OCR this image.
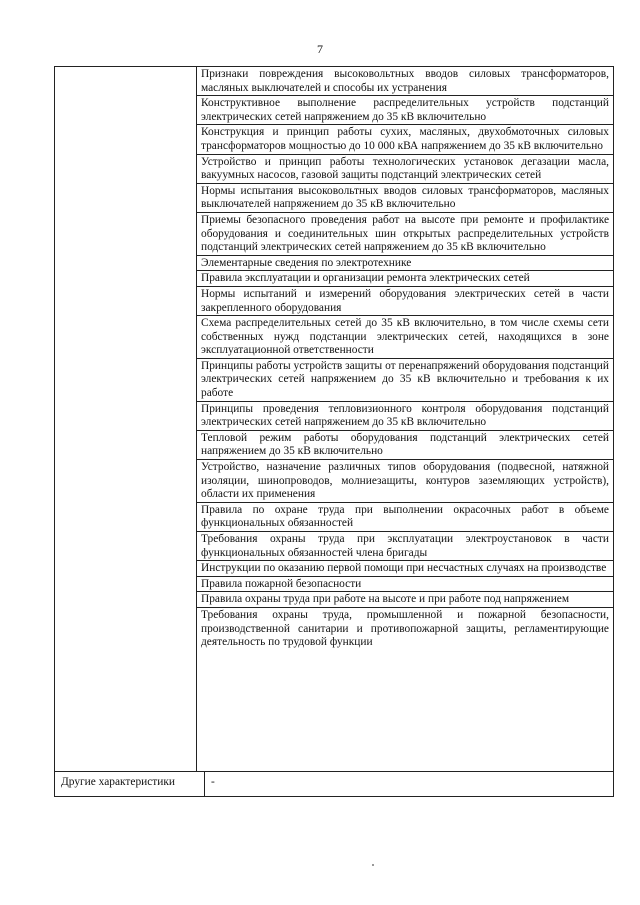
7
Признаки повреждения высоковольтных вводов силовых трансформаторов, масляных выключателей и способы их устранения
Конструктивное выполнение распределительных устройств подстанций электрических сетей напряжением до 35 кВ включительно
Конструкция и принцип работы сухих, масляных, двухобмоточных силовых трансформаторов мощностью до 10 000 кВА напряжением до 35 кВ включительно
Устройство и принцип работы технологических установок дегазации масла, вакуумных насосов, газовой защиты подстанций электрических сетей
Нормы испытания высоковольтных вводов силовых трансформаторов, масляных выключателей напряжением до 35 кВ включительно
Приемы безопасного проведения работ на высоте при ремонте и профилактике оборудования и соединительных шин открытых распределительных устройств подстанций электрических сетей напряжением до 35 кВ включительно
Элементарные сведения по электротехнике
Правила эксплуатации и организации ремонта электрических сетей
Нормы испытаний и измерений оборудования электрических сетей в части закрепленного оборудования
Схема распределительных сетей до 35 кВ включительно, в том числе схемы сети собственных нужд подстанции электрических сетей, находящихся в зоне эксплуатационной ответственности
Принципы работы устройств защиты от перенапряжений оборудования подстанций электрических сетей напряжением до 35 кВ включительно и требования к их работе
Принципы проведения тепловизионного контроля оборудования подстанций электрических сетей напряжением до 35 кВ включительно
Тепловой режим работы оборудования подстанций электрических сетей напряжением до 35 кВ включительно
Устройство, назначение различных типов оборудования (подвесной, натяжной изоляции, шинопроводов, молниезащиты, контуров заземляющих устройств), области их применения
Правила по охране труда при выполнении окрасочных работ в объеме функциональных обязанностей
Требования охраны труда при эксплуатации электроустановок в части функциональных обязанностей члена бригады
Инструкции по оказанию первой помощи при несчастных случаях на производстве
Правила пожарной безопасности
Правила охраны труда при работе на высоте и при работе под напряжением
Требования охраны труда, промышленной и пожарной безопасности, производственной санитарии и противопожарной защиты, регламентирующие деятельность по трудовой функции
Другие характеристики	-
